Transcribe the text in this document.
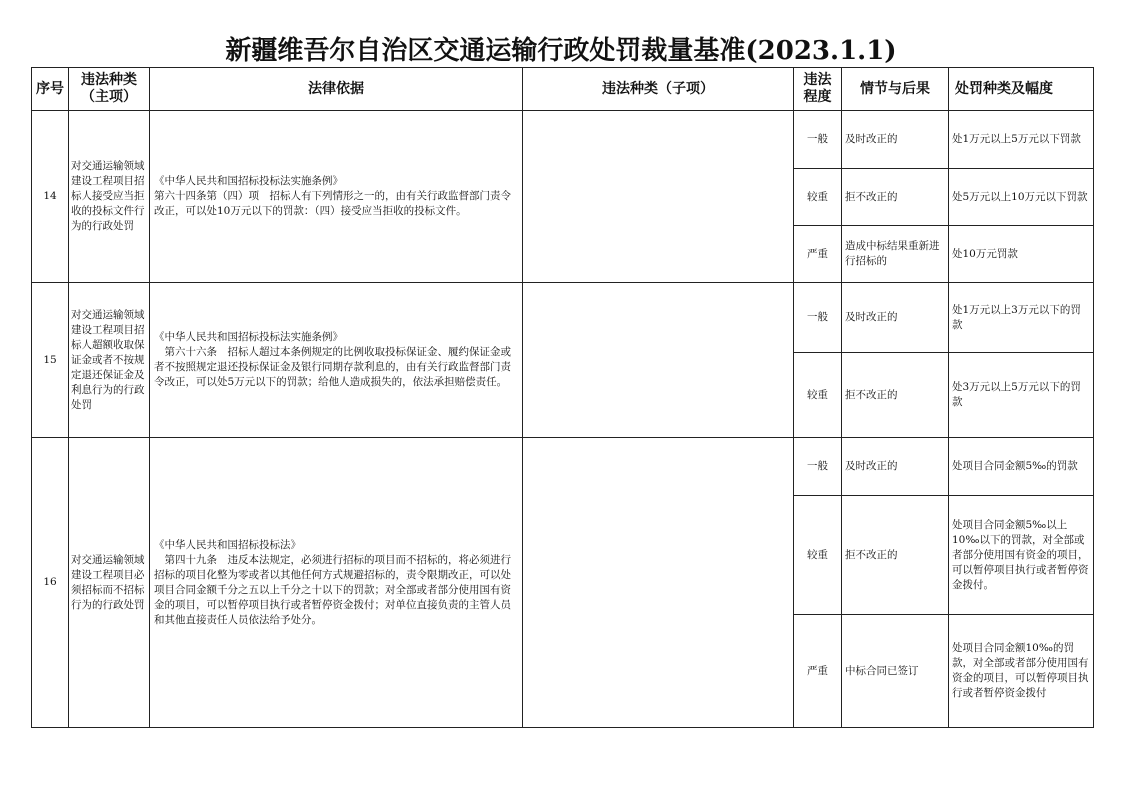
新疆维吾尔自治区交通运输行政处罚裁量基准(2023.1.1)
序号	违法种类
（主项）	法律依据	违法种类（子项）	违法
程度	情节与后果	处罚种类及幅度
14	对交通运输领域建设工程项目招标人接受应当拒收的投标文件行为的行政处罚	《中华人民共和国招标投标法实施条例》
第六十四条第（四）项　招标人有下列情形之一的，由有关行政监督部门责令改正，可以处10万元以下的罚款：（四）接受应当拒收的投标文件。		一般	及时改正的	处1万元以上5万元以下罚款
				较重	拒不改正的	处5万元以上10万元以下罚款
				严重	造成中标结果重新进行招标的	处10万元罚款
15	对交通运输领域建设工程项目招标人超额收取保证金或者不按规定退还保证金及利息行为的行政处罚	《中华人民共和国招标投标法实施条例》
　第六十六条　招标人超过本条例规定的比例收取投标保证金、履约保证金或者不按照规定退还投标保证金及银行同期存款利息的，由有关行政监督部门责令改正，可以处5万元以下的罚款；给他人造成损失的，依法承担赔偿责任。		一般	及时改正的	处1万元以上3万元以下的罚款
				较重	拒不改正的	处3万元以上5万元以下的罚款
16	对交通运输领域建设工程项目必须招标而不招标行为的行政处罚	《中华人民共和国招标投标法》
　第四十九条　违反本法规定，必须进行招标的项目而不招标的，将必须进行招标的项目化整为零或者以其他任何方式规避招标的，责令限期改正，可以处项目合同金额千分之五以上千分之十以下的罚款；对全部或者部分使用国有资金的项目，可以暂停项目执行或者暂停资金拨付；对单位直接负责的主管人员和其他直接责任人员依法给予处分。		一般	及时改正的	处项目合同金额5‰的罚款
				较重	拒不改正的	处项目合同金额5‰以上10‰以下的罚款，对全部或者部分使用国有资金的项目，可以暂停项目执行或者暂停资金拨付。
				严重	中标合同已签订	处项目合同金额10‰的罚款，对全部或者部分使用国有资金的项目，可以暂停项目执行或者暂停资金拨付
